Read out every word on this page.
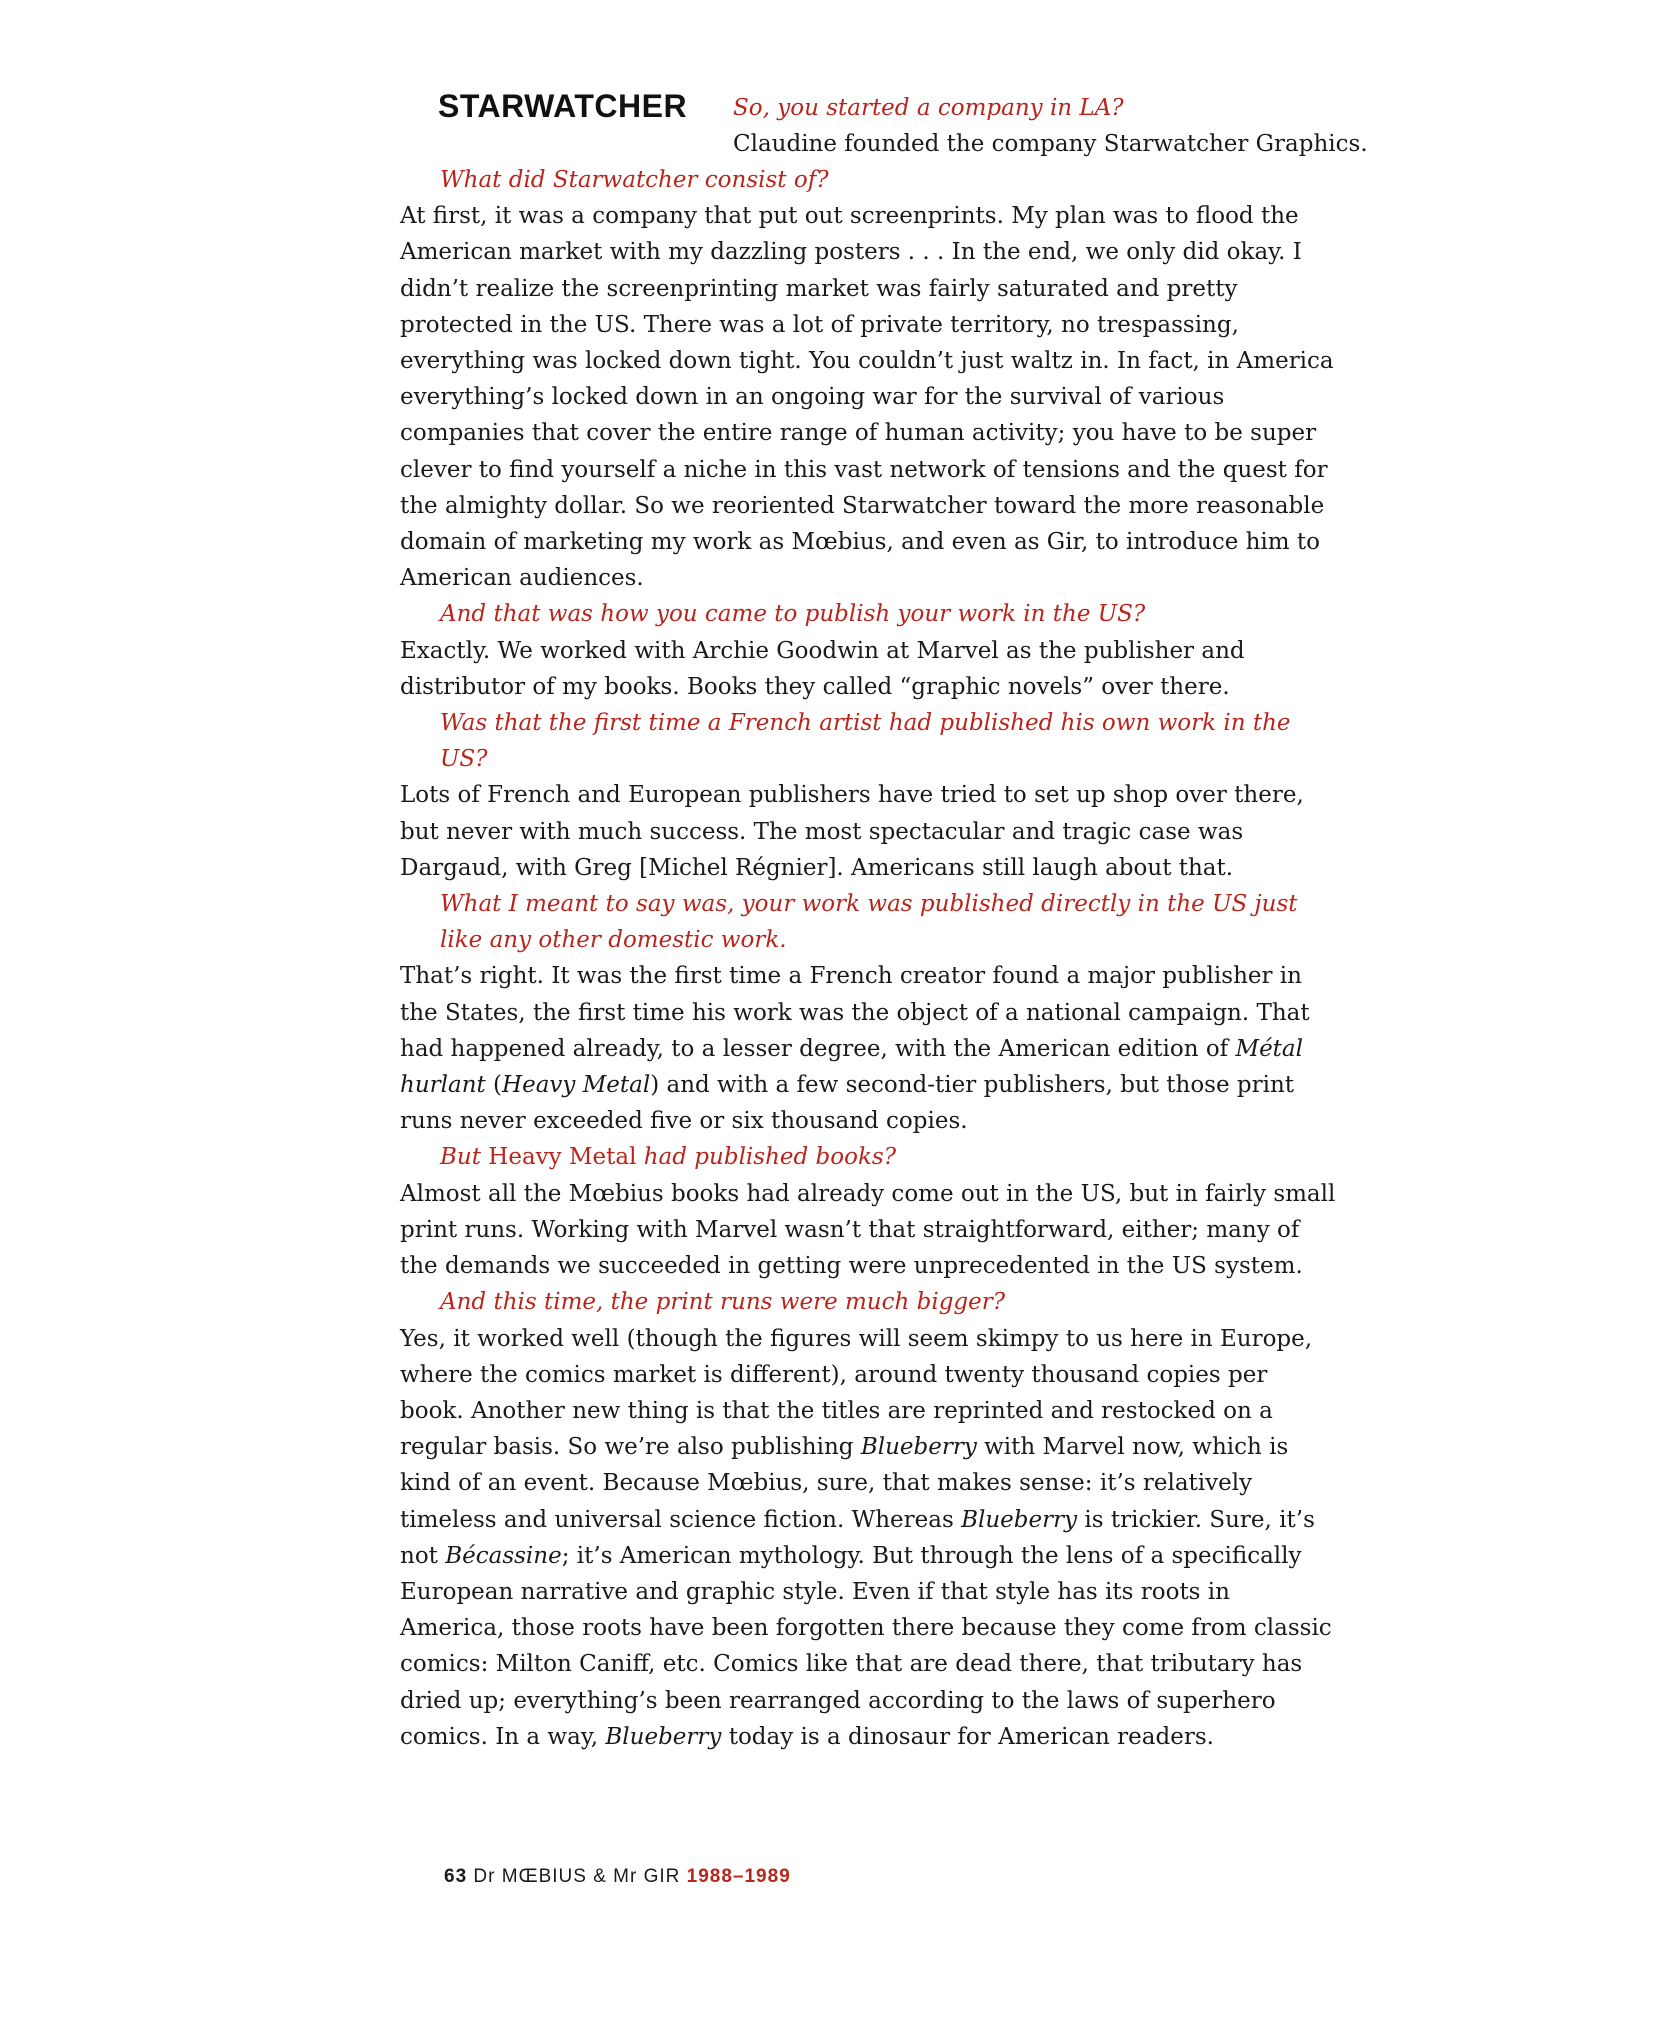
STARWATCHER So, you started a company in LA?

Claudine founded the company Starwatcher Graphics.

What did Starwatcher consist of?

At first, it was a company that put out screenprints. My plan was to flood the American market with my dazzling posters . . . In the end, we only did okay. I didn’t realize the screenprinting market was fairly saturated and pretty protected in the US. There was a lot of private territory, no trespassing, everything was locked down tight. You couldn’t just waltz in. In fact, in America everything’s locked down in an ongoing war for the survival of various companies that cover the entire range of human activity; you have to be super clever to find yourself a niche in this vast network of tensions and the quest for the almighty dollar. So we reoriented Starwatcher toward the more reasonable domain of marketing my work as Mœbius, and even as Gir, to introduce him to American audiences.

And that was how you came to publish your work in the US?

Exactly. We worked with Archie Goodwin at Marvel as the publisher and distributor of my books. Books they called “graphic novels” over there.

Was that the first time a French artist had published his own work in the US?

Lots of French and European publishers have tried to set up shop over there, but never with much success. The most spectacular and tragic case was Dargaud, with Greg [Michel Régnier]. Americans still laugh about that.

What I meant to say was, your work was published directly in the US just like any other domestic work.

That’s right. It was the first time a French creator found a major publisher in the States, the first time his work was the object of a national campaign. That had happened already, to a lesser degree, with the American edition of Métal hurlant (Heavy Metal) and with a few second-tier publishers, but those print runs never exceeded five or six thousand copies.

But Heavy Metal had published books?

Almost all the Mœbius books had already come out in the US, but in fairly small print runs. Working with Marvel wasn’t that straightforward, either; many of the demands we succeeded in getting were unprecedented in the US system.

And this time, the print runs were much bigger?

Yes, it worked well (though the figures will seem skimpy to us here in Europe, where the comics market is different), around twenty thousand copies per book. Another new thing is that the titles are reprinted and restocked on a regular basis. So we’re also publishing Blueberry with Marvel now, which is kind of an event. Because Mœbius, sure, that makes sense: it’s relatively timeless and universal science fiction. Whereas Blueberry is trickier. Sure, it’s not Bécassine; it’s American mythology. But through the lens of a specifically European narrative and graphic style. Even if that style has its roots in America, those roots have been forgotten there because they come from classic comics: Milton Caniff, etc. Comics like that are dead there, that tributary has dried up; everything’s been rearranged according to the laws of superhero comics. In a way, Blueberry today is a dinosaur for American readers.

63 Dr MŒBIUS & Mr GIR 1988–1989
